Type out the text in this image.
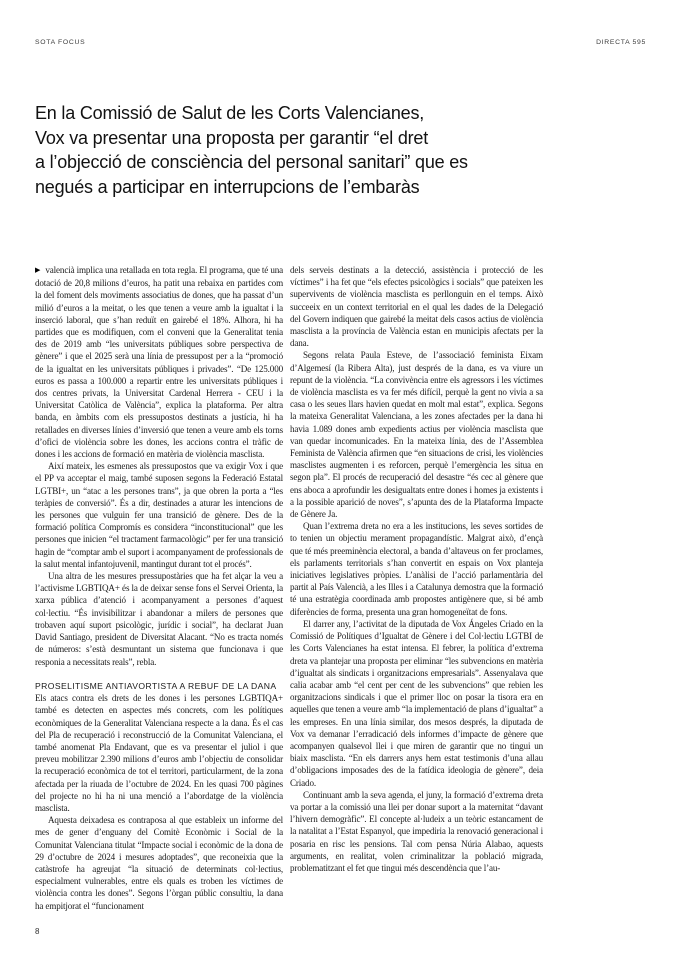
SOTA FOCUS	DIRECTA 595
En la Comissió de Salut de les Corts Valencianes,
Vox va presentar una proposta per garantir “el dret
a l’objecció de consciència del personal sanitari” que es
negués a participar en interrupcions de l’embaràs

▶ valencià implica una retallada en tota regla. El programa, que té una dotació de 20,8 milions d’euros, ha patit una rebaixa en partides com la del foment dels moviments associatius de dones, que ha passat d’un milió d’euros a la meitat, o les que tenen a veure amb la igualtat i la inserció laboral, que s’han reduït en gairebé el 18%. Alhora, hi ha partides que es modifiquen, com el conveni que la Generalitat tenia des de 2019 amb “les universitats públiques sobre perspectiva de gènere” i que el 2025 serà una línia de pressupost per a la “promoció de la igualtat en les universitats públiques i privades”. “De 125.000 euros es passa a 100.000 a repartir entre les universitats públiques i dos centres privats, la Universitat Cardenal Herrera - CEU i la Universitat Catòlica de València”, explica la plataforma. Per altra banda, en àmbits com els pressupostos destinats a justícia, hi ha retallades en diverses línies d’inversió que tenen a veure amb els torns d’ofici de violència sobre les dones, les accions contra el tràfic de dones i les accions de formació en matèria de violència masclista.

Així mateix, les esmenes als pressupostos que va exigir Vox i que el PP va acceptar el maig, també suposen segons la Federació Estatal LGTBI+, un “atac a les persones trans”, ja que obren la porta a “les teràpies de conversió”. És a dir, destinades a aturar les intencions de les persones que vulguin fer una transició de gènere. Des de la formació política Compromís es considera “inconstitucional” que les persones que inicien “el tractament farmacològic” per fer una transició hagin de “comptar amb el suport i acompanyament de professionals de la salut mental infantojuvenil, mantingut durant tot el procés”.

Una altra de les mesures pressupostàries que ha fet alçar la veu a l’activisme LGBTIQA+ és la de deixar sense fons el Servei Orienta, la xarxa pública d’atenció i acompanyament a persones d’aquest col·lectiu. “És invisibilitzar i abandonar a milers de persones que trobaven aquí suport psicològic, jurídic i social”, ha declarat Juan David Santiago, president de Diversitat Alacant. “No es tracta només de números: s’està desmuntant un sistema que funcionava i que responia a necessitats reals”, rebla.

PROSELITISME ANTIAVORTISTA A REBUF DE LA DANA

Els atacs contra els drets de les dones i les persones LGBTIQA+ també es detecten en aspectes més concrets, com les polítiques econòmiques de la Generalitat Valenciana respecte a la dana. És el cas del Pla de recuperació i reconstrucció de la Comunitat Valenciana, el també anomenat Pla Endavant, que es va presentar el juliol i que preveu mobilitzar 2.390 milions d’euros amb l’objectiu de consolidar la recuperació econòmica de tot el territori, particularment, de la zona afectada per la riuada de l’octubre de 2024. En les quasi 700 pàgines del projecte no hi ha ni una menció a l’abordatge de la violència masclista.

Aquesta deixadesa es contraposa al que estableix un informe del mes de gener d’enguany del Comitè Econòmic i Social de la Comunitat Valenciana titulat “Impacte social i econòmic de la dona de 29 d’octubre de 2024 i mesures adoptades”, que reconeixia que la catàstrofe ha agreujat “la situació de determinats col·lectius, especialment vulnerables, entre els quals es troben les víctimes de violència contra les dones”. Segons l’òrgan públic consultiu, la dana ha empitjorat el “funcionament

dels serveis destinats a la detecció, assistència i protecció de les víctimes” i ha fet que “els efectes psicològics i socials” que pateixen les supervivents de violència masclista es perllonguin en el temps. Això succeeix en un context territorial en el qual les dades de la Delegació del Govern indiquen que gairebé la meitat dels casos actius de violència masclista a la província de València estan en municipis afectats per la dana.

Segons relata Paula Esteve, de l’associació feminista Eixam d’Algemesí (la Ribera Alta), just després de la dana, es va viure un repunt de la violència. “La convivència entre els agressors i les víctimes de violència masclista es va fer més difícil, perquè la gent no vivia a sa casa o les seues llars havien quedat en molt mal estat”, explica. Segons la mateixa Generalitat Valenciana, a les zones afectades per la dana hi havia 1.089 dones amb expedients actius per violència masclista que van quedar incomunicades. En la mateixa línia, des de l’Assemblea Feminista de València afirmen que “en situacions de crisi, les violències masclistes augmenten i es reforcen, perquè l’emergència les situa en segon pla”. El procés de recuperació del desastre “és cec al gènere que ens aboca a aprofundir les desigualtats entre dones i homes ja existents i a la possible aparició de noves”, s’apunta des de la Plataforma Impacte de Gènere Ja.

Quan l’extrema dreta no era a les institucions, les seves sortides de to tenien un objectiu merament propagandístic. Malgrat això, d’ençà que té més preeminència electoral, a banda d’altaveus on fer proclames, els parlaments territorials s’han convertit en espais on Vox planteja iniciatives legislatives pròpies. L’anàlisi de l’acció parlamentària del partit al País Valencià, a les Illes i a Catalunya demostra que la formació té una estratègia coordinada amb propostes antigènere que, si bé amb diferències de forma, presenta una gran homogeneïtat de fons.

El darrer any, l’activitat de la diputada de Vox Ángeles Criado en la Comissió de Polítiques d’Igualtat de Gènere i del Col·lectiu LGTBI de les Corts Valencianes ha estat intensa. El febrer, la política d’extrema dreta va plantejar una proposta per eliminar “les subvencions en matèria d’igualtat als sindicats i organitzacions empresarials”. Assenyalava que calia acabar amb “el cent per cent de les subvencions” que rebien les organitzacions sindicals i que el primer lloc on posar la tisora era en aquelles que tenen a veure amb “la implementació de plans d’igualtat” a les empreses. En una línia similar, dos mesos després, la diputada de Vox va demanar l’erradicació dels informes d’impacte de gènere que acompanyen qualsevol llei i que miren de garantir que no tingui un biaix masclista. “En els darrers anys hem estat testimonis d’una allau d’obligacions imposades des de la fatídica ideologia de gènere”, deia Criado.

Continuant amb la seva agenda, el juny, la formació d’extrema dreta va portar a la comissió una llei per donar suport a la maternitat “davant l’hivern demogràfic”. El concepte al·ludeix a un teòric estancament de la natalitat a l’Estat Espanyol, que impediria la renovació generacional i posaria en risc les pensions. Tal com pensa Núria Alabao, aquests arguments, en realitat, volen criminalitzar la població migrada, problematitzant el fet que tingui més descendència que l’au-

8
